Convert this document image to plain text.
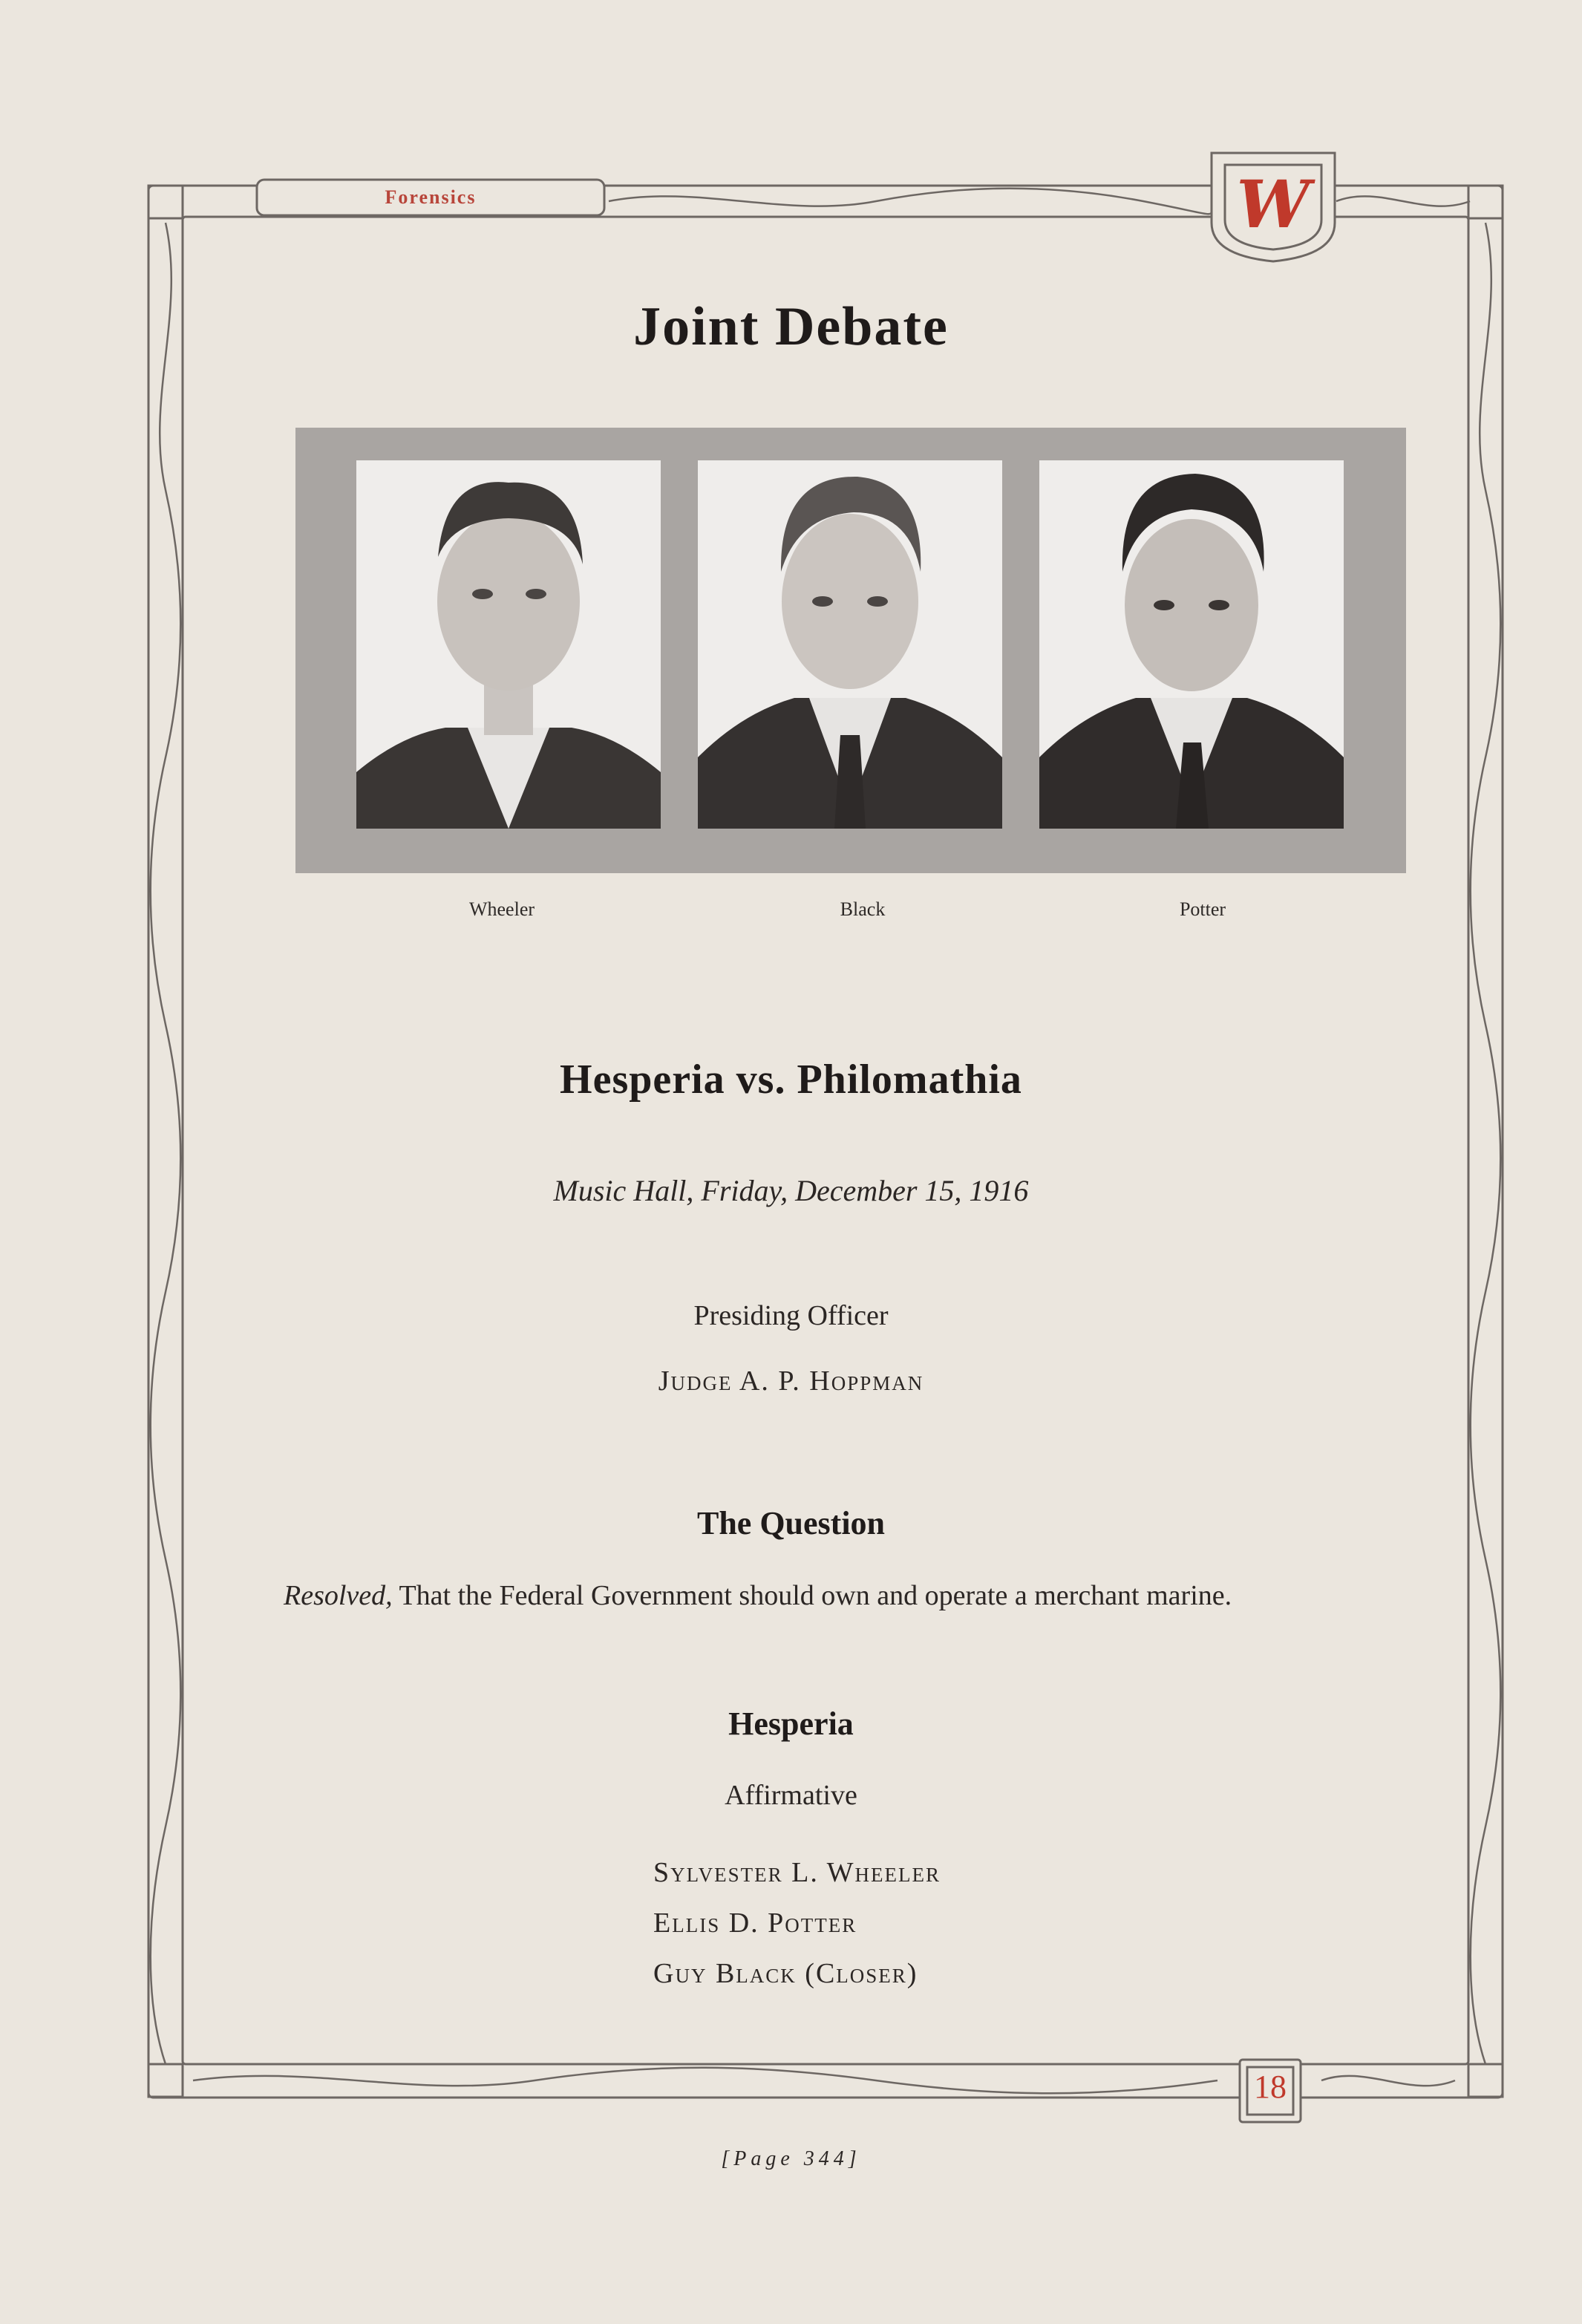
Forensics	W
18
Joint Debate
Wheeler	Black	Potter
Hesperia vs. Philomathia
Music Hall, Friday, December 15, 1916
Presiding Officer
Judge A. P. Hoppman
The Question
Resolved, That the Federal Government should own and operate a merchant marine.
Hesperia
Affirmative
Sylvester L. Wheeler
Ellis D. Potter
Guy Black (Closer)
[Page 344]
